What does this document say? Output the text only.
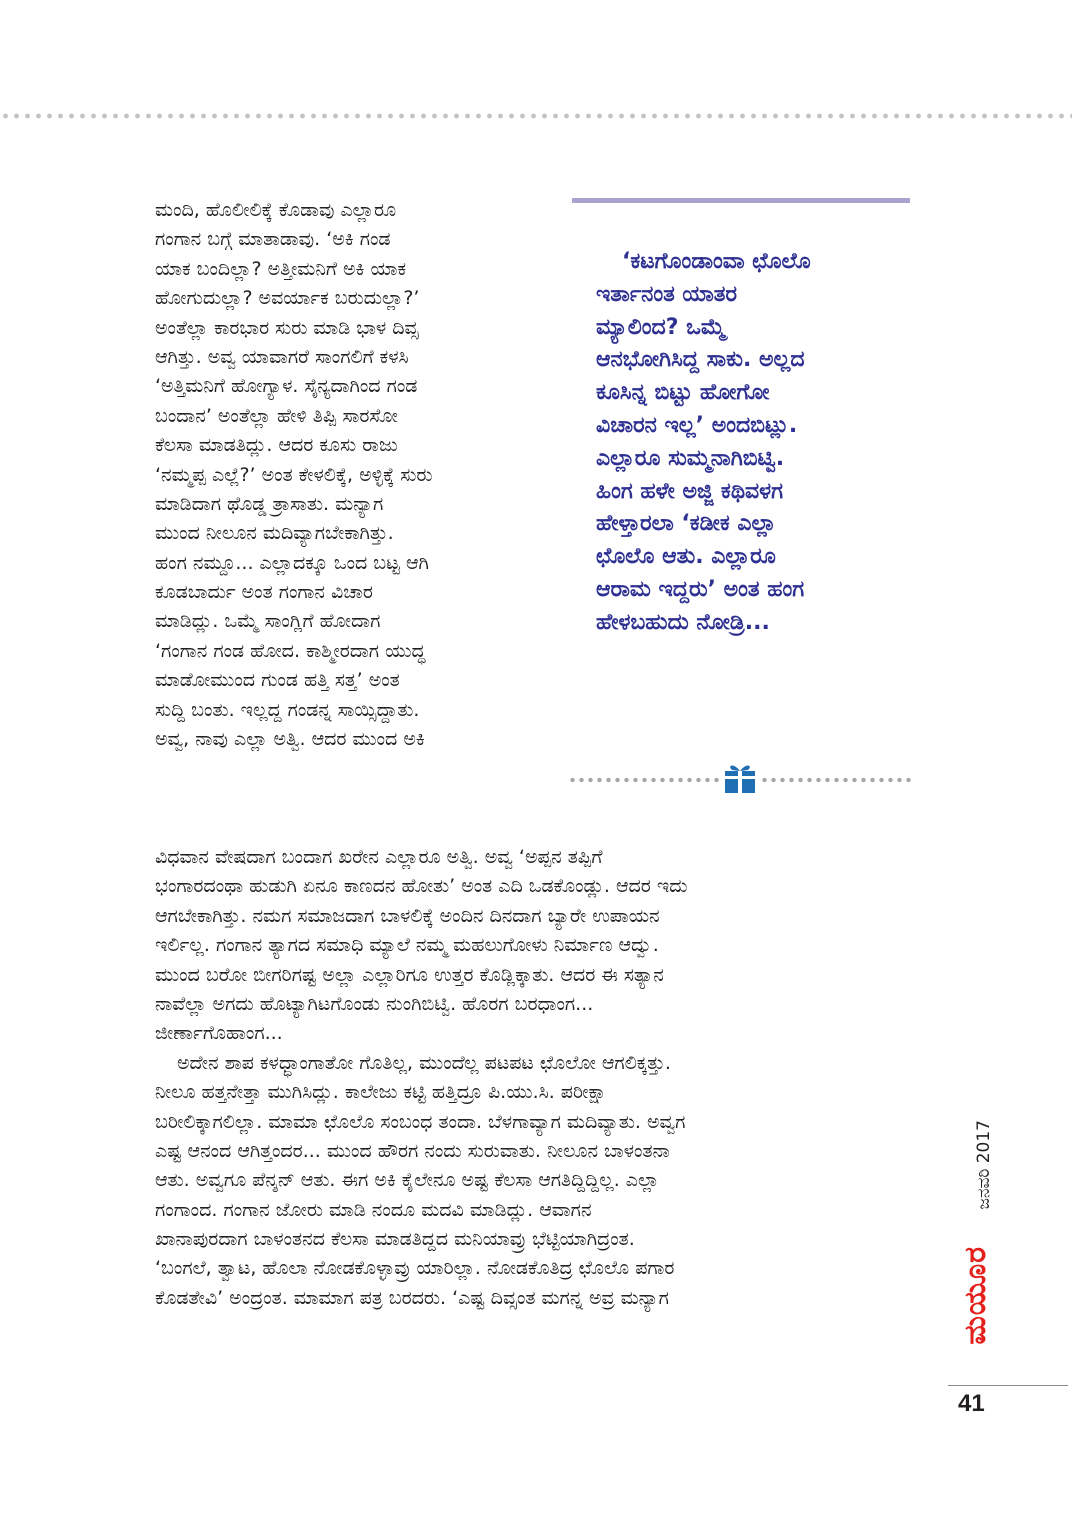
ಮಂದಿ, ಹೊಲೀಲಿಕ್ಕೆ ಕೊಡಾವು ಎಲ್ಲಾರೂ
ಗಂಗಾನ ಬಗ್ಗೆ ಮಾತಾಡಾವು. ‘ಅಕಿ ಗಂಡ
ಯಾಕ ಬಂದಿಲ್ಲಾ? ಅತ್ತೀಮನಿಗೆ ಅಕಿ ಯಾಕ
ಹೋಗುದುಲ್ಲಾ? ಅವರ್ಯಾಕ ಬರುದುಲ್ಲಾ?’
ಅಂತೆಲ್ಲಾ ಕಾರಭಾರ ಸುರು ಮಾಡಿ ಭಾಳ ದಿವ್ಸ
ಆಗಿತ್ತು. ಅವ್ವ ಯಾವಾಗರೆ ಸಾಂಗಲಿಗೆ ಕಳಸಿ
‘ಅತ್ತಿಮನಿಗೆ ಹೋಗ್ಯಾಳ. ಸೈನ್ಯದಾಗಿಂದ ಗಂಡ
ಬಂದಾನ’ ಅಂತೆಲ್ಲಾ ಹೇಳಿ ತಿಪ್ಪಿ ಸಾರಸೋ
ಕೆಲಸಾ ಮಾಡತಿದ್ಲು. ಆದರ ಕೂಸು ರಾಜು
‘ನಮ್ಮಪ್ಪ ಎಲ್ಲೆ?’ ಅಂತ ಕೇಳಲಿಕ್ಕೆ, ಅಳ್ಳಿಕ್ಕೆ ಸುರು
ಮಾಡಿದಾಗ ಥೊಡ್ಡ ತ್ರಾಸಾತು. ಮನ್ಯಾಗ
ಮುಂದ ನೀಲೂನ ಮದಿವ್ಯಾಗಬೇಕಾಗಿತ್ತು.
ಹಂಗ ನಮ್ದೂ... ಎಲ್ಲಾದಕ್ಕೂ ಒಂದ ಬಟ್ಟ ಆಗಿ
ಕೂಡಬಾರ್ದು ಅಂತ ಗಂಗಾನ ವಿಚಾರ
ಮಾಡಿದ್ಲು. ಒಮ್ಮೆ ಸಾಂಗ್ಲಿಗೆ ಹೋದಾಗ
‘ಗಂಗಾನ ಗಂಡ ಹೋದ. ಕಾಶ್ಮೀರದಾಗ ಯುದ್ಧ
ಮಾಡೋಮುಂದ ಗುಂಡ ಹತ್ತಿ ಸತ್ತ’ ಅಂತ
ಸುದ್ದಿ ಬಂತು. ಇಲ್ಲದ್ದ ಗಂಡನ್ನ ಸಾಯ್ಸಿದ್ದಾತು.
ಅವ್ವ, ನಾವು ಎಲ್ಲಾ ಅತ್ವಿ. ಆದರ ಮುಂದ ಅಕಿ
‘ಕಟಗೊಂಡಾಂವಾ ಛೊಲೊ
ಇರ್ತಾನಂತ ಯಾತರ
ಮ್ಯಾಲಿಂದ? ಒಮ್ಮೆ
ಆನಭೋಗಿಸಿದ್ದ ಸಾಕು. ಅಲ್ಲದ
ಕೂಸಿನ್ನ ಬಿಟ್ಟು ಹೋಗೋ
ವಿಚಾರನ ಇಲ್ಲ’ ಅಂದಬಿಟ್ಲು.
ಎಲ್ಲಾರೂ ಸುಮ್ಮನಾಗಿಬಿಟ್ವಿ.
ಹಿಂಗ ಹಳೇ ಅಜ್ಜಿ ಕಥಿವಳಗ
ಹೇಳ್ತಾರಲಾ ‘ಕಡೀಕ ಎಲ್ಲಾ
ಛೊಲೊ ಆತು. ಎಲ್ಲಾರೂ
ಆರಾಮ ಇದ್ದರು’ ಅಂತ ಹಂಗ
ಹೇಳಬಹುದು ನೋಡ್ರಿ...
ವಿಧವಾನ ವೇಷದಾಗ ಬಂದಾಗ ಖರೇನ ಎಲ್ಲಾರೂ ಅತ್ವಿ. ಅವ್ವ ‘ಅಪ್ಪನ ತಪ್ಪಿಗೆ
ಭಂಗಾರದಂಥಾ ಹುಡುಗಿ ಏನೂ ಕಾಣದನ ಹೋತು’ ಅಂತ ಎದಿ ಒಡಕೊಂಡ್ಲು. ಆದರ ಇದು
ಆಗಬೇಕಾಗಿತ್ತು. ನಮಗ ಸಮಾಜದಾಗ ಬಾಳಲಿಕ್ಕೆ ಅಂದಿನ ದಿನದಾಗ ಬ್ಯಾರೇ ಉಪಾಯನ
ಇರ್ಲಿಲ್ಲ. ಗಂಗಾನ ತ್ಯಾಗದ ಸಮಾಧಿ ಮ್ಯಾಲೆ ನಮ್ಮ ಮಹಲುಗೋಳು ನಿರ್ಮಾಣ ಆದ್ವು.
ಮುಂದ ಬರೋ ಬೀಗರಿಗಷ್ಟ ಅಲ್ಲಾ ಎಲ್ಲಾರಿಗೂ ಉತ್ತರ ಕೊಡ್ಲಿಕ್ಕಾತು. ಆದರ ಈ ಸತ್ಯಾನ
ನಾವೆಲ್ಲಾ ಅಗದು ಹೊಟ್ಯಾಗಿಟಗೊಂಡು ನುಂಗಿಬಿಟ್ವಿ. ಹೊರಗ ಬರಧಾಂಗ...
ಜೀರ್ಣಾಗೊಹಾಂಗ...
ಅದೇನ ಶಾಪ ಕಳಧ್ಧಾಂಗಾತೋ ಗೊತಿಲ್ಲ, ಮುಂದೆಲ್ಲ ಪಟಪಟ ಛೊಲೋ ಆಗಲಿಕ್ಕತ್ತು.
ನೀಲೂ ಹತ್ತನೇತ್ತಾ ಮುಗಿಸಿದ್ಲು. ಕಾಲೇಜು ಕಟ್ಟಿ ಹತ್ತಿದ್ರೂ ಪಿ.ಯು.ಸಿ. ಪರೀಕ್ಷಾ
ಬರೀಲಿಕ್ಕಾಗಲಿಲ್ಲಾ. ಮಾಮಾ ಛೊಲೊ ಸಂಬಂಧ ತಂದಾ. ಬೆಳಗಾವ್ಯಾಗ ಮದಿವ್ಯಾತು. ಅವ್ವಗ
ಎಷ್ಟ ಆನಂದ ಆಗಿತ್ತಂದರ... ಮುಂದ ಹೌರಗ ನಂದು ಸುರುವಾತು. ನೀಲೂನ ಬಾಳಂತನಾ
ಆತು. ಅವ್ವಗೂ ಪೆನ್ಶನ್ ಆತು. ಈಗ ಅಕಿ ಕೈಲೇನೂ ಅಷ್ಟ ಕೆಲಸಾ ಆಗತಿದ್ದಿದ್ದಿಲ್ಲ. ಎಲ್ಲಾ
ಗಂಗಾಂದ. ಗಂಗಾನ ಜೋರು ಮಾಡಿ ನಂದೂ ಮದವಿ ಮಾಡಿದ್ಲು. ಆವಾಗನ
ಖಾನಾಪುರದಾಗ ಬಾಳಂತನದ ಕೆಲಸಾ ಮಾಡತಿದ್ದದ ಮನಿಯಾವ್ರು ಭೆಟ್ಟಿಯಾಗಿದ್ರಂತ.
‘ಬಂಗಲೆ, ತ್ವಾಟ, ಹೊಲಾ ನೋಡಕೊಳ್ಳಾವ್ರು ಯಾರಿಲ್ಲಾ. ನೋಡಕೊತಿದ್ರ ಛೊಲೊ ಪಗಾರ
ಕೊಡತೇವಿ’ ಅಂದ್ರಂತ. ಮಾಮಾಗ ಪತ್ರ ಬರದರು. ‘ಎಷ್ಟ ದಿವ್ಸಂತ ಮಗನ್ನ ಅವ್ರ ಮನ್ಯಾಗ
ಜನವರಿ 2017
ಮಯೂರ
41
